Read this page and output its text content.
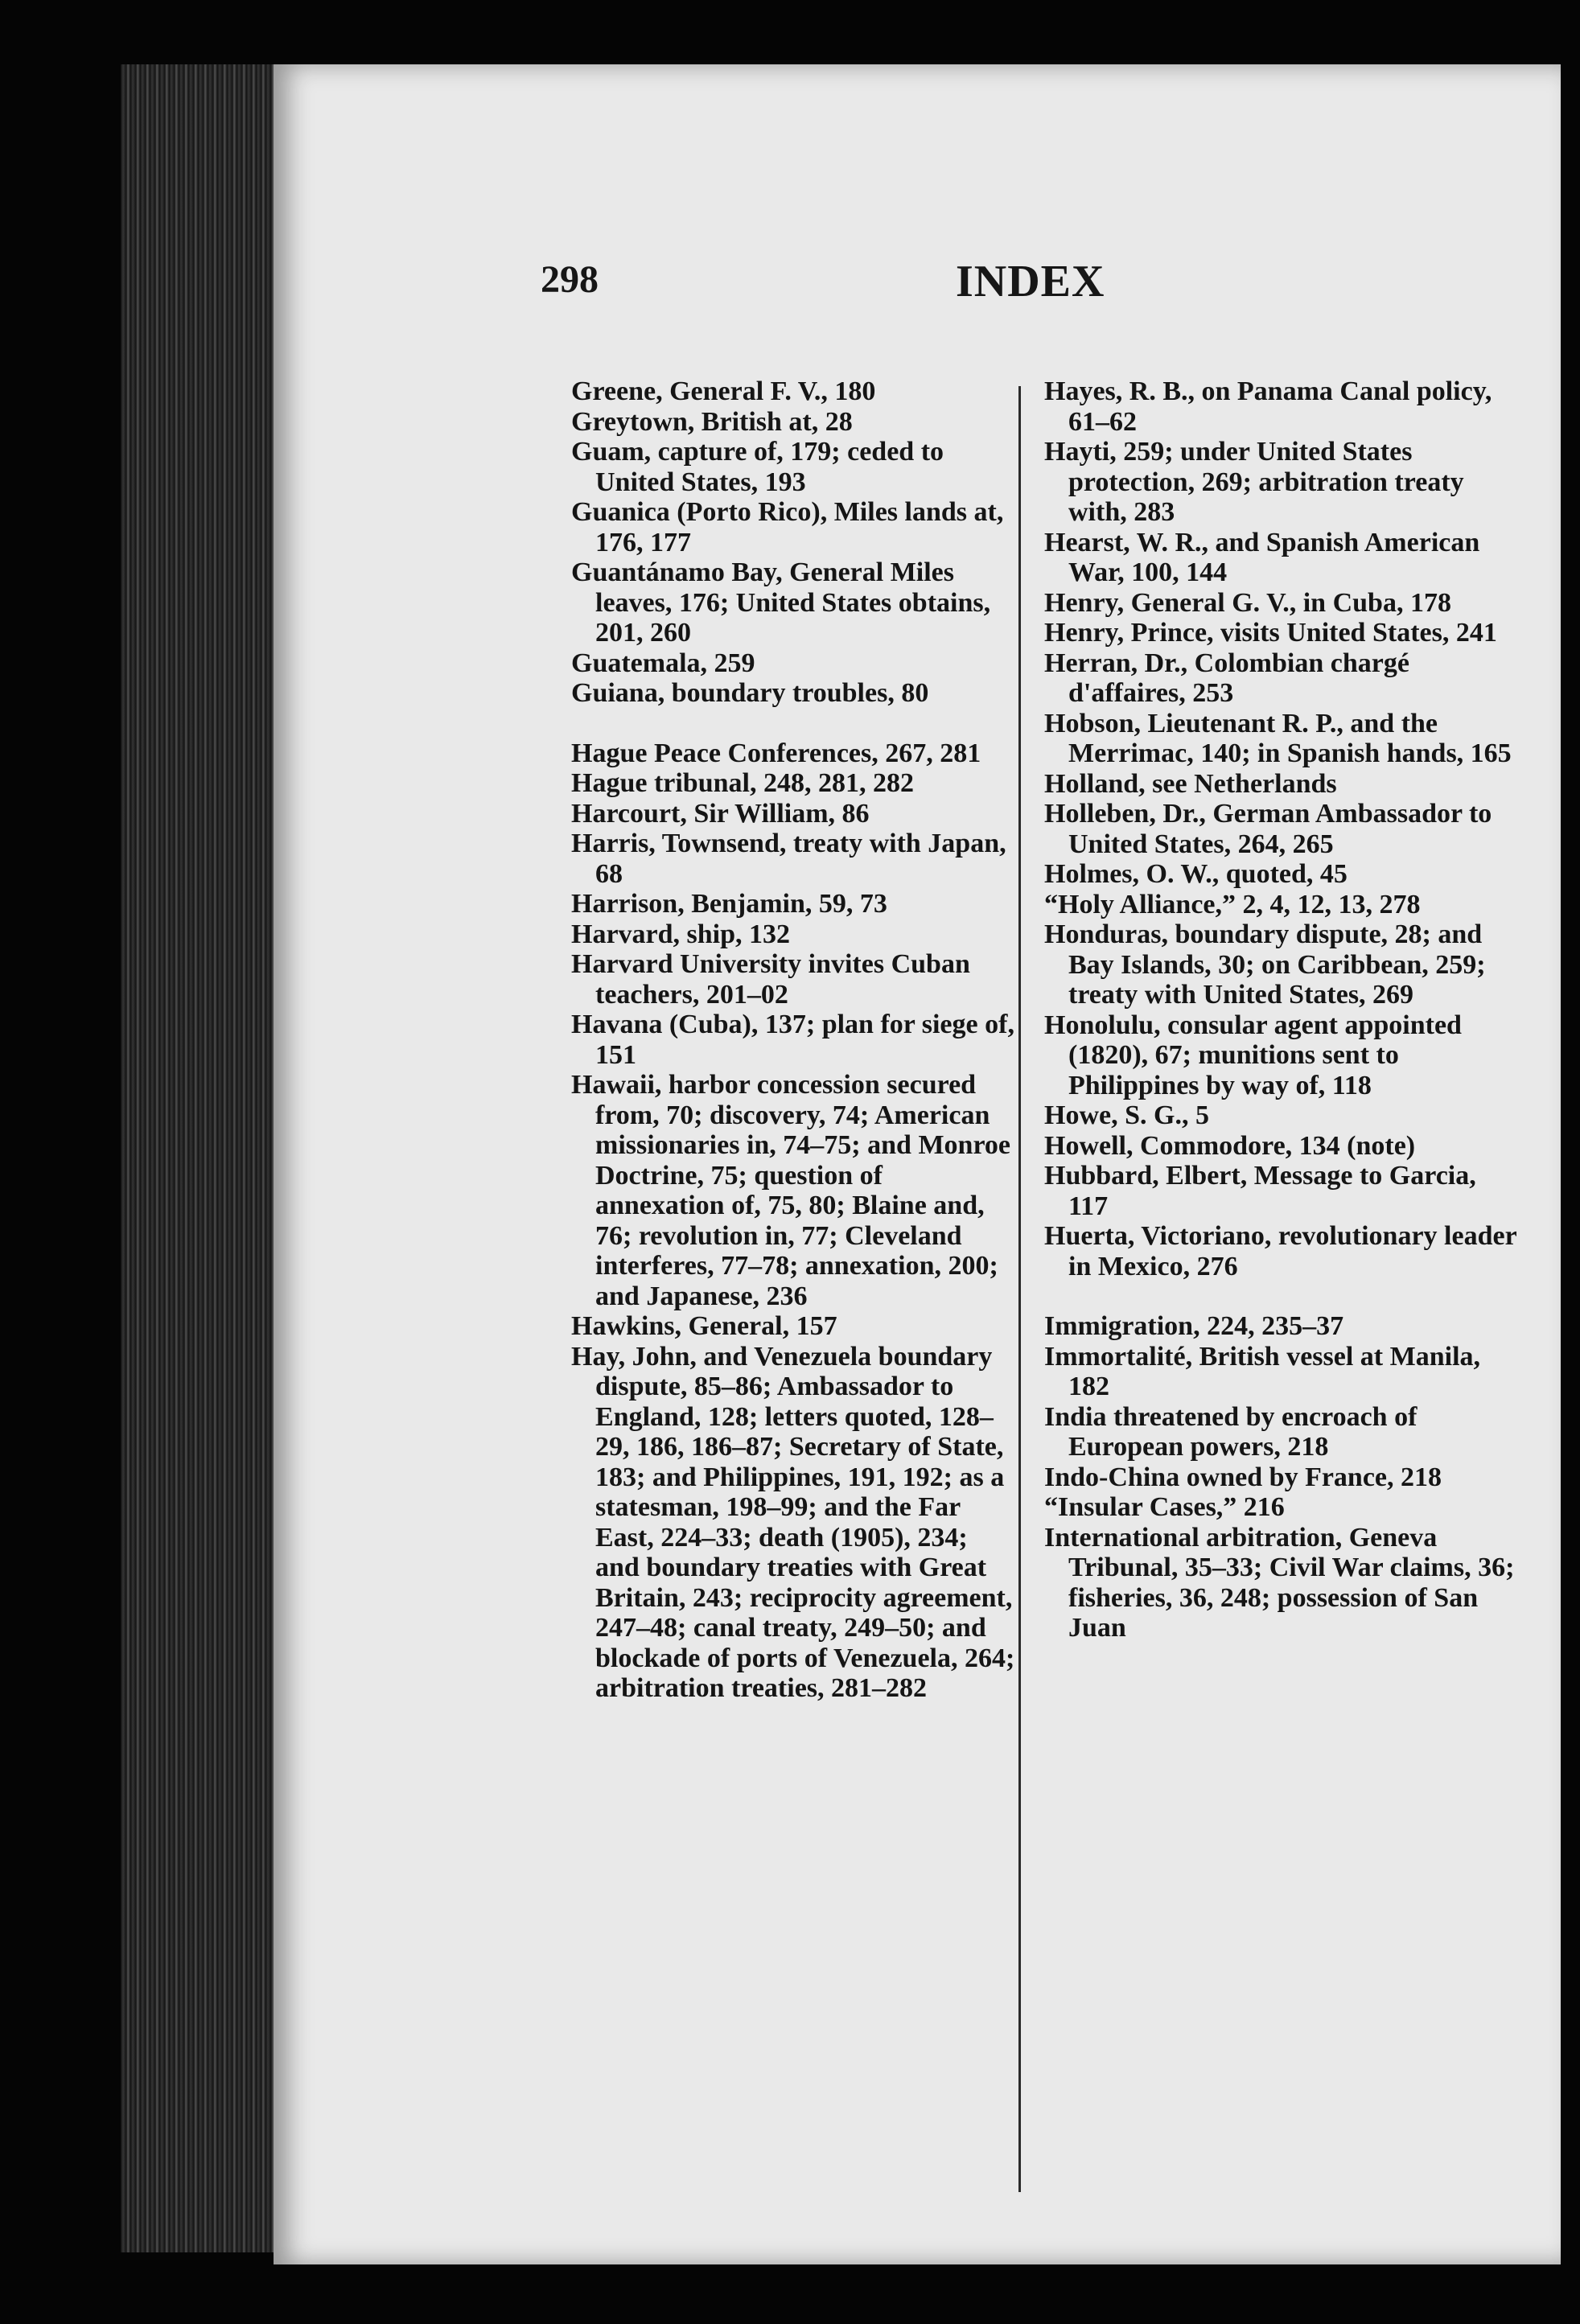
298	INDEX

Greene, General F. V., 180

Greytown, British at, 28

Guam, capture of, 179; ceded to United States, 193

Guanica (Porto Rico), Miles lands at, 176, 177

Guantánamo Bay, General Miles leaves, 176; United States obtains, 201, 260

Guatemala, 259

Guiana, boundary troubles, 80

Hague Peace Conferences, 267, 281

Hague tribunal, 248, 281, 282

Harcourt, Sir William, 86

Harris, Townsend, treaty with Japan, 68

Harrison, Benjamin, 59, 73

Harvard, ship, 132

Harvard University invites Cuban teachers, 201–02

Havana (Cuba), 137; plan for siege of, 151

Hawaii, harbor concession secured from, 70; discovery, 74; American missionaries in, 74–75; and Monroe Doctrine, 75; question of annexation of, 75, 80; Blaine and, 76; revolution in, 77; Cleveland interferes, 77–78; annexation, 200; and Japanese, 236

Hawkins, General, 157

Hay, John, and Venezuela boundary dispute, 85–86; Ambassador to England, 128; letters quoted, 128–29, 186, 186–87; Secretary of State, 183; and Philippines, 191, 192; as a statesman, 198–99; and the Far East, 224–33; death (1905), 234; and boundary treaties with Great Britain, 243; reciprocity agreement, 247–48; canal treaty, 249–50; and blockade of ports of Venezuela, 264; arbitration treaties, 281–282

Hayes, R. B., on Panama Canal policy, 61–62

Hayti, 259; under United States protection, 269; arbitration treaty with, 283

Hearst, W. R., and Spanish American War, 100, 144

Henry, General G. V., in Cuba, 178

Henry, Prince, visits United States, 241

Herran, Dr., Colombian chargé d'affaires, 253

Hobson, Lieutenant R. P., and the Merrimac, 140; in Spanish hands, 165

Holland, see Netherlands

Holleben, Dr., German Ambassador to United States, 264, 265

Holmes, O. W., quoted, 45

“Holy Alliance,” 2, 4, 12, 13, 278

Honduras, boundary dispute, 28; and Bay Islands, 30; on Caribbean, 259; treaty with United States, 269

Honolulu, consular agent appointed (1820), 67; munitions sent to Philippines by way of, 118

Howe, S. G., 5

Howell, Commodore, 134 (note)

Hubbard, Elbert, Message to Garcia, 117

Huerta, Victoriano, revolutionary leader in Mexico, 276

Immigration, 224, 235–37

Immortalité, British vessel at Manila, 182

India threatened by encroach of European powers, 218

Indo-China owned by France, 218

“Insular Cases,” 216

International arbitration, Geneva Tribunal, 35–33; Civil War claims, 36; fisheries, 36, 248; possession of San Juan
